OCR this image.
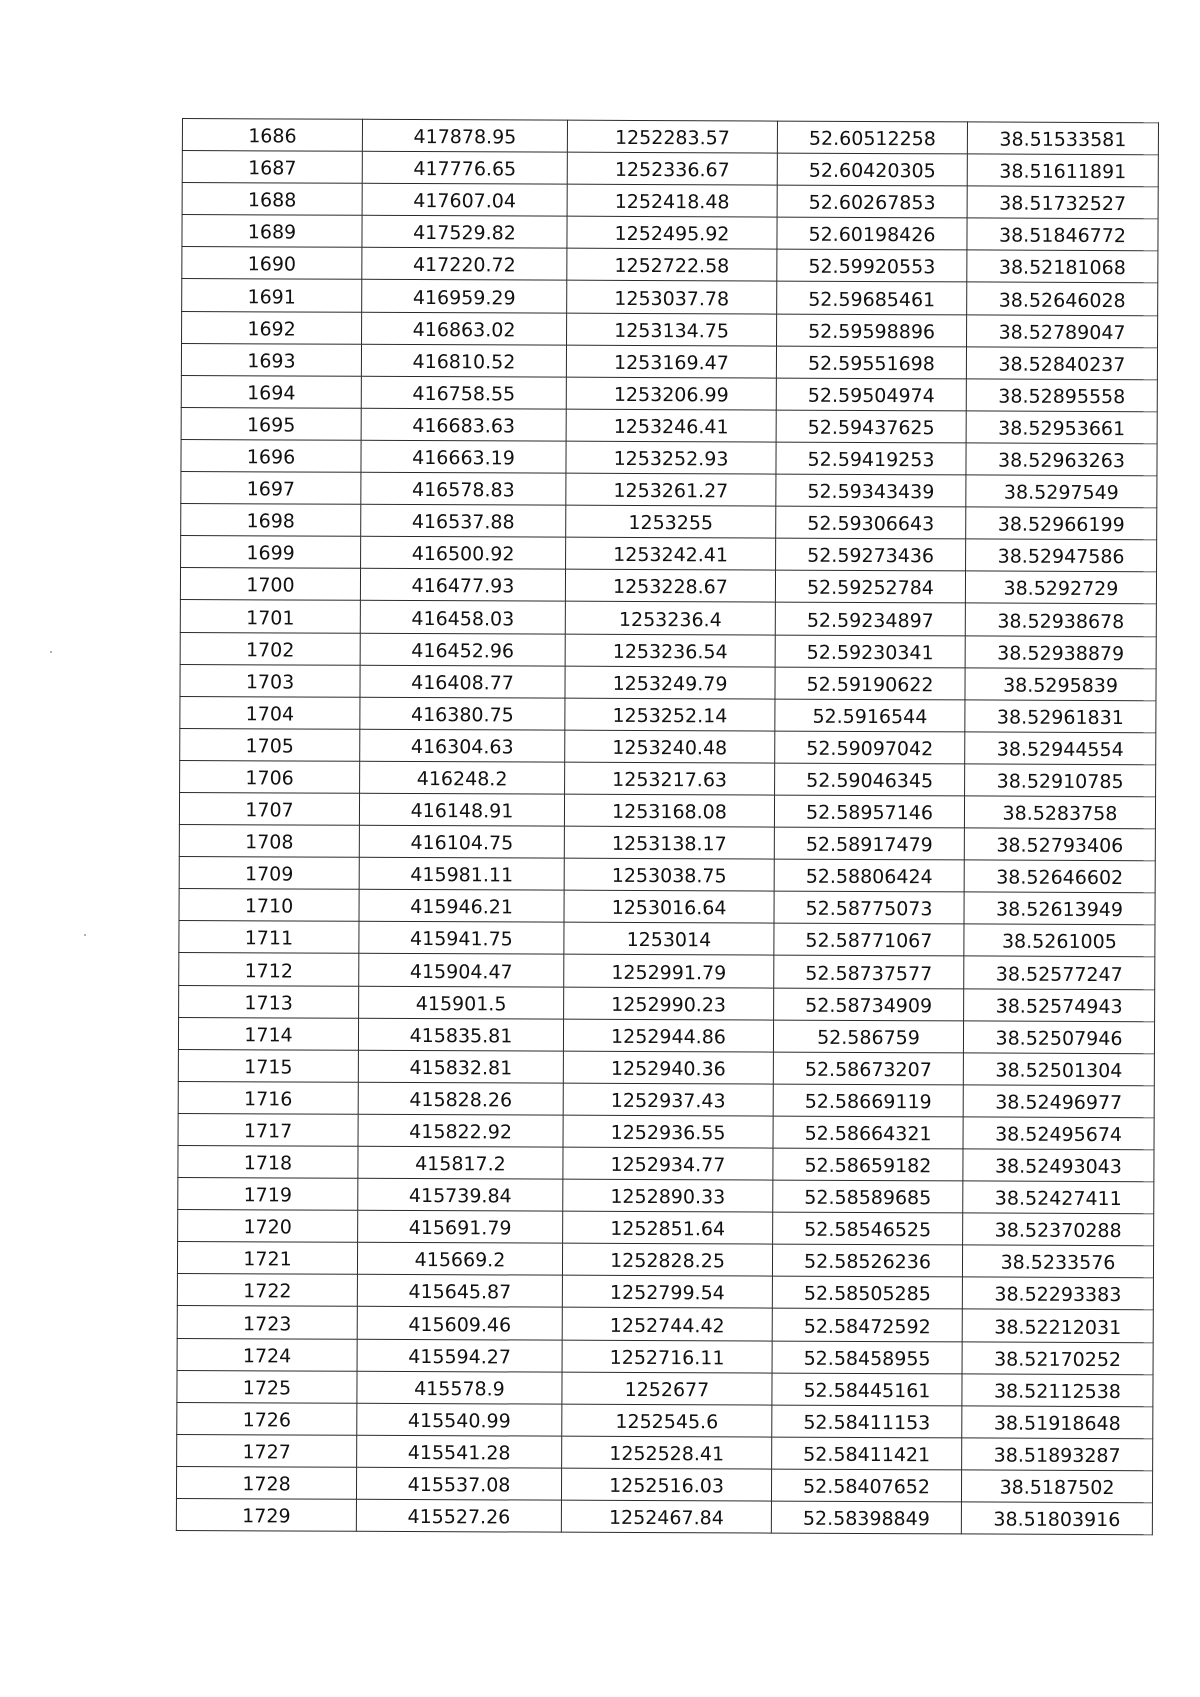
1686	417878.95	1252283.57	52.60512258	38.51533581
1687	417776.65	1252336.67	52.60420305	38.51611891
1688	417607.04	1252418.48	52.60267853	38.51732527
1689	417529.82	1252495.92	52.60198426	38.51846772
1690	417220.72	1252722.58	52.59920553	38.52181068
1691	416959.29	1253037.78	52.59685461	38.52646028
1692	416863.02	1253134.75	52.59598896	38.52789047
1693	416810.52	1253169.47	52.59551698	38.52840237
1694	416758.55	1253206.99	52.59504974	38.52895558
1695	416683.63	1253246.41	52.59437625	38.52953661
1696	416663.19	1253252.93	52.59419253	38.52963263
1697	416578.83	1253261.27	52.59343439	38.5297549
1698	416537.88	1253255	52.59306643	38.52966199
1699	416500.92	1253242.41	52.59273436	38.52947586
1700	416477.93	1253228.67	52.59252784	38.5292729
1701	416458.03	1253236.4	52.59234897	38.52938678
1702	416452.96	1253236.54	52.59230341	38.52938879
1703	416408.77	1253249.79	52.59190622	38.5295839
1704	416380.75	1253252.14	52.5916544	38.52961831
1705	416304.63	1253240.48	52.59097042	38.52944554
1706	416248.2	1253217.63	52.59046345	38.52910785
1707	416148.91	1253168.08	52.58957146	38.5283758
1708	416104.75	1253138.17	52.58917479	38.52793406
1709	415981.11	1253038.75	52.58806424	38.52646602
1710	415946.21	1253016.64	52.58775073	38.52613949
1711	415941.75	1253014	52.58771067	38.5261005
1712	415904.47	1252991.79	52.58737577	38.52577247
1713	415901.5	1252990.23	52.58734909	38.52574943
1714	415835.81	1252944.86	52.586759	38.52507946
1715	415832.81	1252940.36	52.58673207	38.52501304
1716	415828.26	1252937.43	52.58669119	38.52496977
1717	415822.92	1252936.55	52.58664321	38.52495674
1718	415817.2	1252934.77	52.58659182	38.52493043
1719	415739.84	1252890.33	52.58589685	38.52427411
1720	415691.79	1252851.64	52.58546525	38.52370288
1721	415669.2	1252828.25	52.58526236	38.5233576
1722	415645.87	1252799.54	52.58505285	38.52293383
1723	415609.46	1252744.42	52.58472592	38.52212031
1724	415594.27	1252716.11	52.58458955	38.52170252
1725	415578.9	1252677	52.58445161	38.52112538
1726	415540.99	1252545.6	52.58411153	38.51918648
1727	415541.28	1252528.41	52.58411421	38.51893287
1728	415537.08	1252516.03	52.58407652	38.5187502
1729	415527.26	1252467.84	52.58398849	38.51803916
